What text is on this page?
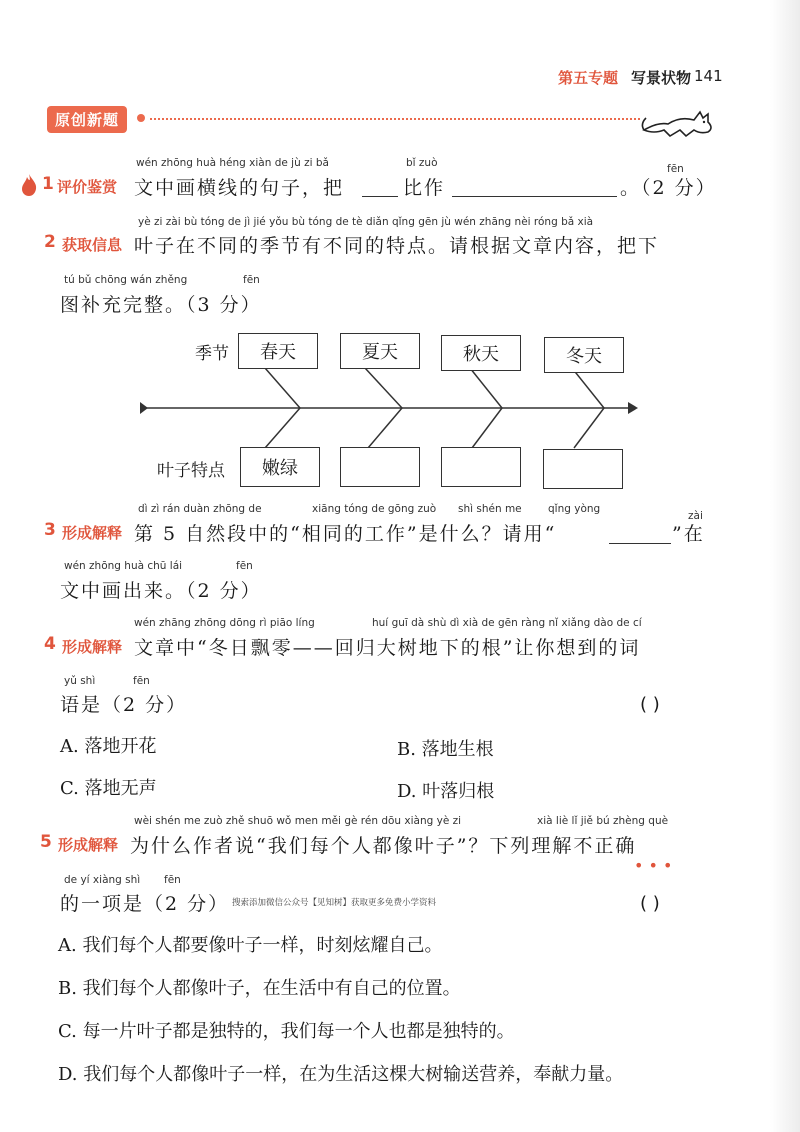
第五专题 写景状物 141
原创新题
1 评价鉴赏
wén zhōng huà héng xiàn de jù zi bǎ	bǐ zuò	fēn
文中画横线的句子，把	比作	。（2 分）
2 获取信息
yè zi zài bù tóng de jì jié yǒu bù tóng de tè diǎn qǐng gēn jù wén zhāng nèi róng bǎ xià
叶子在不同的季节有不同的特点。请根据文章内容，把下
tú bǔ chōng wán zhěng	fēn
图补充完整。（3 分）
季节
叶子特点
春天	夏天	秋天	冬天
嫩绿
3 形成解释
dì zì rán duàn zhōng de	xiāng tóng de gōng zuò shì shén me	qǐng yòng
zài
第 5 自然段中的“相同的工作”是什么？请用“	”在
wén zhōng huà chū lái	fēn
文中画出来。（2 分）
4 形成解释
wén zhāng zhōng dōng rì piāo líng	huí guī dà shù dì xià de gēn ràng nǐ xiǎng dào de cí
文章中“冬日飘零——回归大树地下的根”让你想到的词
yǔ shì	fēn
语是（2 分）	( )
A. 落地开花	B. 落地生根
C. 落地无声	D. 叶落归根
5 形成解释
wèi shén me zuò zhě shuō wǒ men měi gè rén dōu xiàng yè zi	xià liè lǐ jiě bú zhèng què
为什么作者说“我们每个人都像叶子”？下列理解不正确
• • •
de yí xiàng shì fēn
的一项是（2 分） 搜索添加微信公众号【见知树】获取更多免费小学资料	( )
A. 我们每个人都要像叶子一样，时刻炫耀自己。
B. 我们每个人都像叶子，在生活中有自己的位置。
C. 每一片叶子都是独特的，我们每一个人也都是独特的。
D. 我们每个人都像叶子一样，在为生活这棵大树输送营养，奉献力量。
